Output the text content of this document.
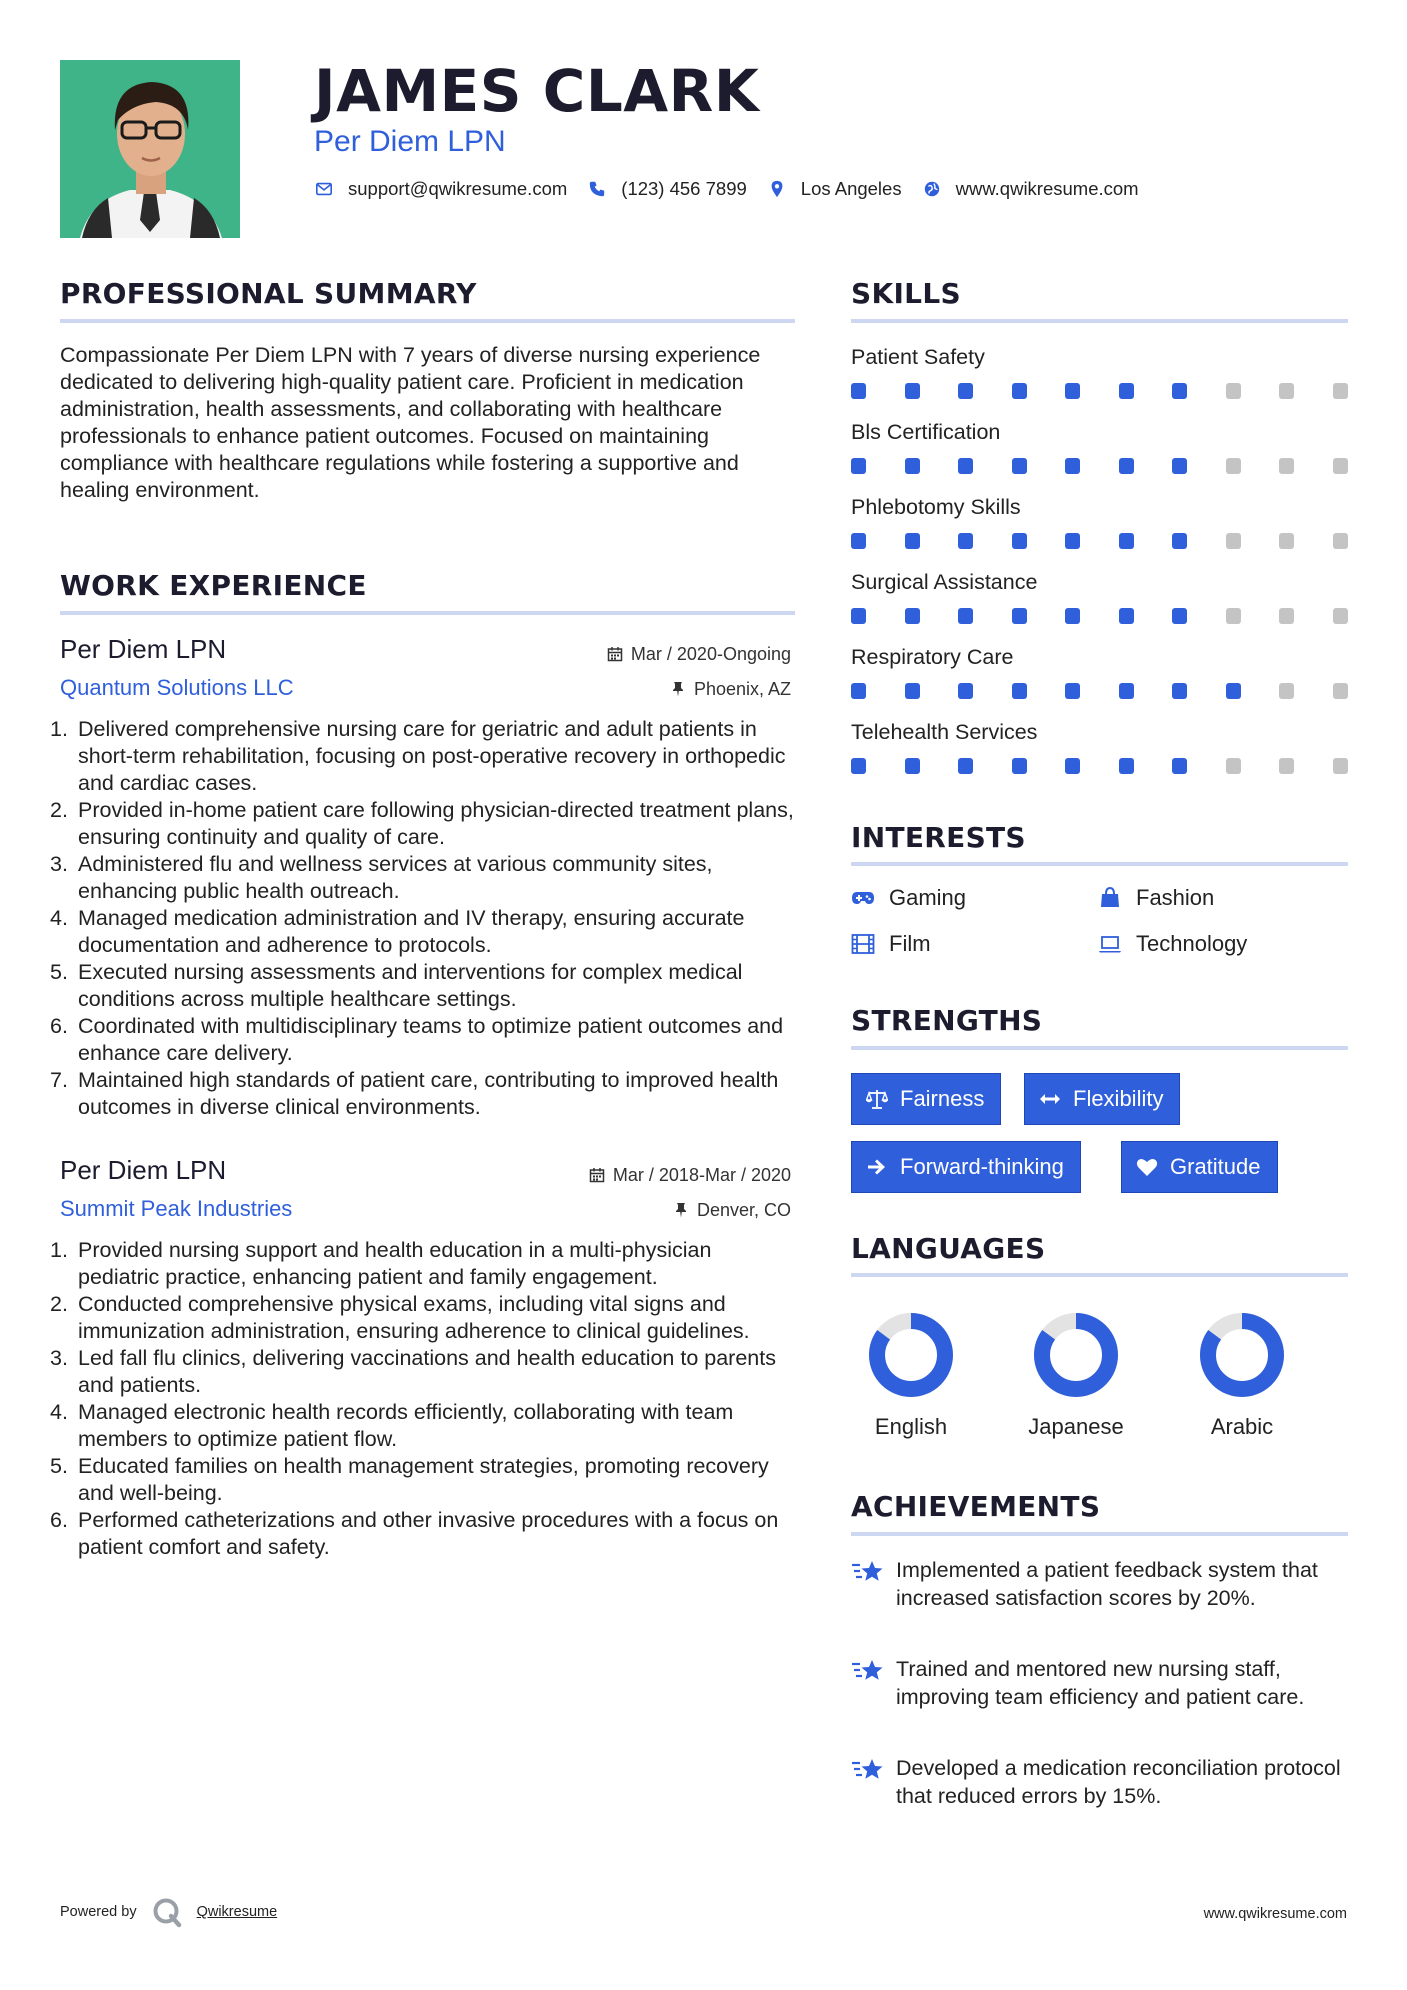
JAMES CLARK
Per Diem LPN
support@qwikresume.com	(123) 456 7899	Los Angeles	www.qwikresume.com
PROFESSIONAL SUMMARY
Compassionate Per Diem LPN with 7 years of diverse nursing experience dedicated to delivering high-quality patient care. Proficient in medication administration, health assessments, and collaborating with healthcare professionals to enhance patient outcomes. Focused on maintaining compliance with healthcare regulations while fostering a supportive and healing environment.
WORK EXPERIENCE
Per Diem LPN	Mar / 2020-Ongoing
Quantum Solutions LLC	Phoenix, AZ
1. Delivered comprehensive nursing care for geriatric and adult patients in short-term rehabilitation, focusing on post-operative recovery in orthopedic and cardiac cases.
2. Provided in-home patient care following physician-directed treatment plans, ensuring continuity and quality of care.
3. Administered flu and wellness services at various community sites, enhancing public health outreach.
4. Managed medication administration and IV therapy, ensuring accurate documentation and adherence to protocols.
5. Executed nursing assessments and interventions for complex medical conditions across multiple healthcare settings.
6. Coordinated with multidisciplinary teams to optimize patient outcomes and enhance care delivery.
7. Maintained high standards of patient care, contributing to improved health outcomes in diverse clinical environments.
Per Diem LPN	Mar / 2018-Mar / 2020
Summit Peak Industries	Denver, CO
1. Provided nursing support and health education in a multi-physician pediatric practice, enhancing patient and family engagement.
2. Conducted comprehensive physical exams, including vital signs and immunization administration, ensuring adherence to clinical guidelines.
3. Led fall flu clinics, delivering vaccinations and health education to parents and patients.
4. Managed electronic health records efficiently, collaborating with team members to optimize patient flow.
5. Educated families on health management strategies, promoting recovery and well-being.
6. Performed catheterizations and other invasive procedures with a focus on patient comfort and safety.
SKILLS
Patient Safety
Bls Certification
Phlebotomy Skills
Surgical Assistance
Respiratory Care
Telehealth Services
INTERESTS
Gaming	Fashion
Film	Technology
STRENGTHS
Fairness	Flexibility
Forward-thinking	Gratitude
LANGUAGES
English	Japanese	Arabic
ACHIEVEMENTS
Implemented a patient feedback system that increased satisfaction scores by 20%.
Trained and mentored new nursing staff, improving team efficiency and patient care.
Developed a medication reconciliation protocol that reduced errors by 15%.
Powered by	Qwikresume	www.qwikresume.com
